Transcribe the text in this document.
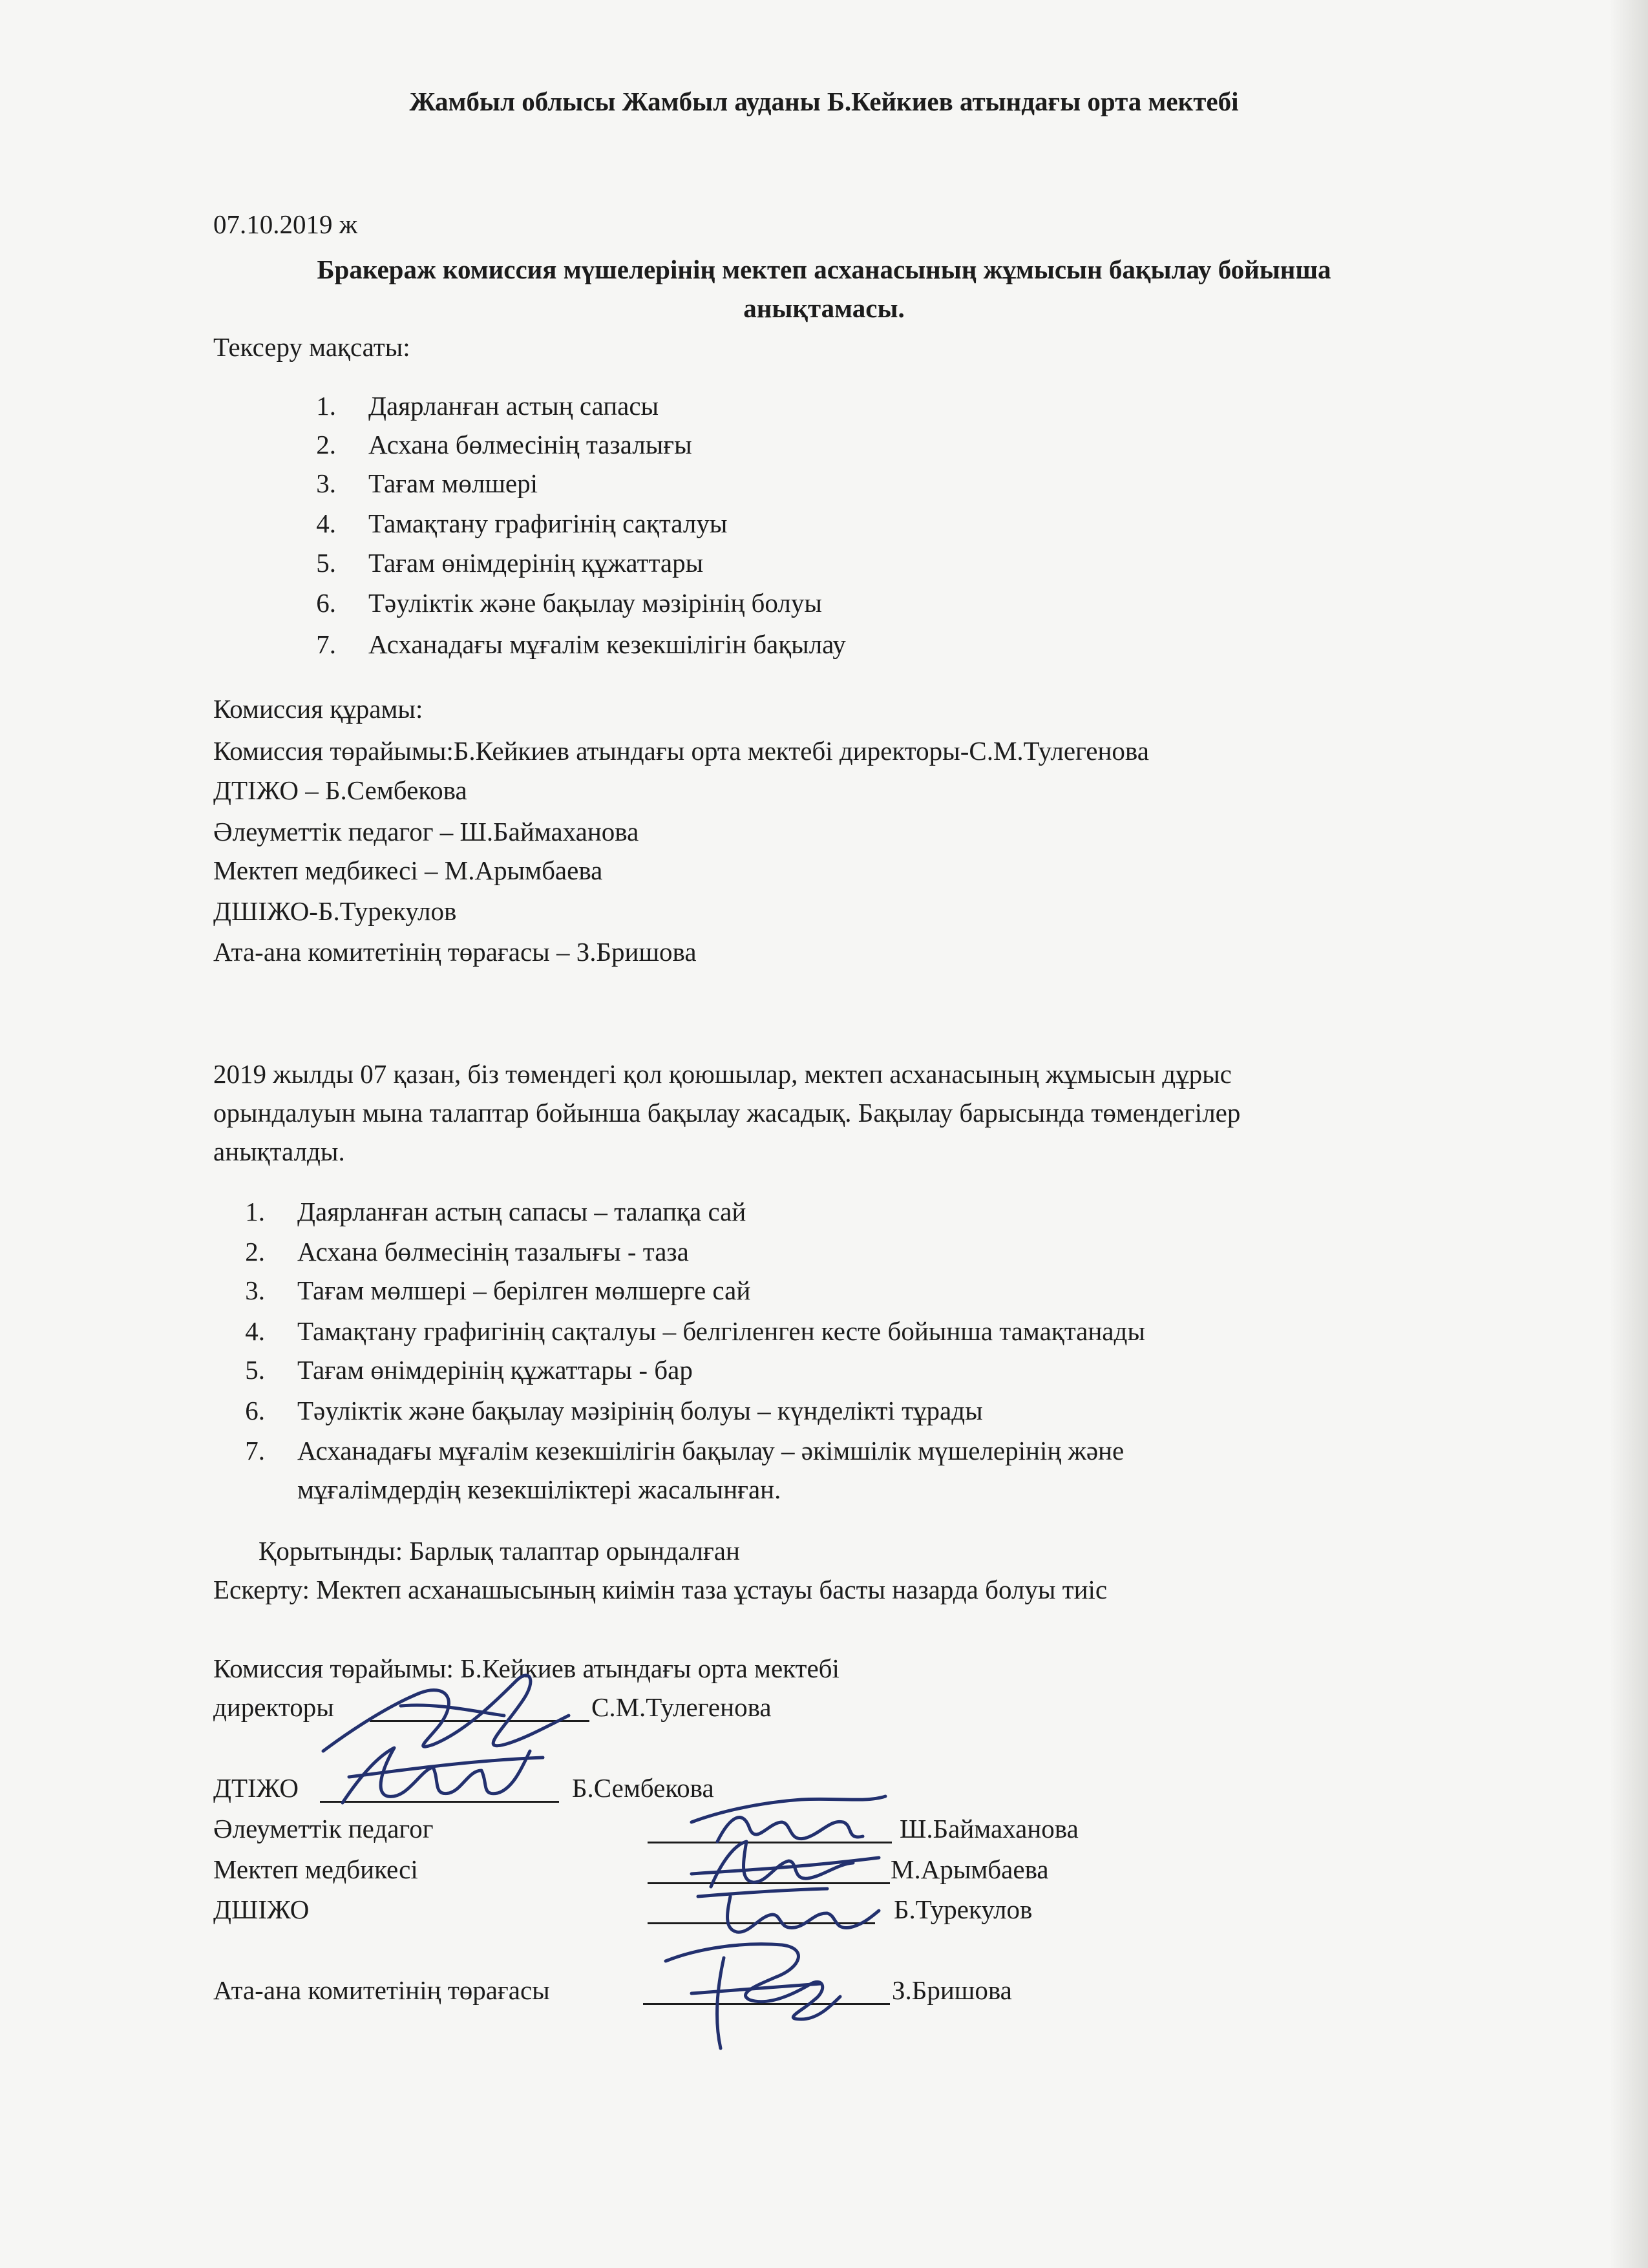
Жамбыл облысы Жамбыл ауданы Б.Кейкиев атындағы орта мектебі
07.10.2019 ж
Бракераж комиссия мүшелерінің мектеп асханасының жұмысын бақылау бойынша
анықтамасы.
Тексеру мақсаты:
1. Даярланған астың сапасы
2. Асхана бөлмесінің тазалығы
3. Тағам мөлшері
4. Тамақтану графигінің сақталуы
5. Тағам өнімдерінің құжаттары
6. Тәуліктік және бақылау мәзірінің болуы
7. Асханадағы мұғалім кезекшілігін бақылау
Комиссия құрамы:
Комиссия төрайымы:Б.Кейкиев атындағы орта мектебі директоры-С.М.Тулегенова
ДТІЖО – Б.Сембекова
Әлеуметтік педагог – Ш.Баймаханова
Мектеп медбикесі – М.Арымбаева
ДШІЖО-Б.Турекулов
Ата-ана комитетінің төрағасы – З.Бришова
2019 жылды 07 қазан, біз төмендегі қол қоюшылар, мектеп асханасының жұмысын дұрыс
орындалуын мына талаптар бойынша бақылау жасадық. Бақылау барысында төмендегілер
анықталды.
1. Даярланған астың сапасы – талапқа сай
2. Асхана бөлмесінің тазалығы - таза
3. Тағам мөлшері – берілген мөлшерге сай
4. Тамақтану графигінің сақталуы – белгіленген кесте бойынша тамақтанады
5. Тағам өнімдерінің құжаттары - бар
6. Тәуліктік және бақылау мәзірінің болуы – күнделікті тұрады
7. Асханадағы мұғалім кезекшілігін бақылау – әкімшілік мүшелерінің және
мұғалімдердің кезекшіліктері жасалынған.
Қорытынды: Барлық талаптар орындалған
Ескерту: Мектеп асханашысының киімін таза ұстауы басты назарда болуы тиіс
Комиссия төрайымы: Б.Кейкиев атындағы орта мектебі
директоры	С.М.Тулегенова
ДТІЖО	Б.Сембекова
Әлеуметтік педагог	Ш.Баймаханова
Мектеп медбикесі	М.Арымбаева
ДШІЖО	Б.Турекулов
Ата-ана комитетінің төрағасы	З.Бришова
